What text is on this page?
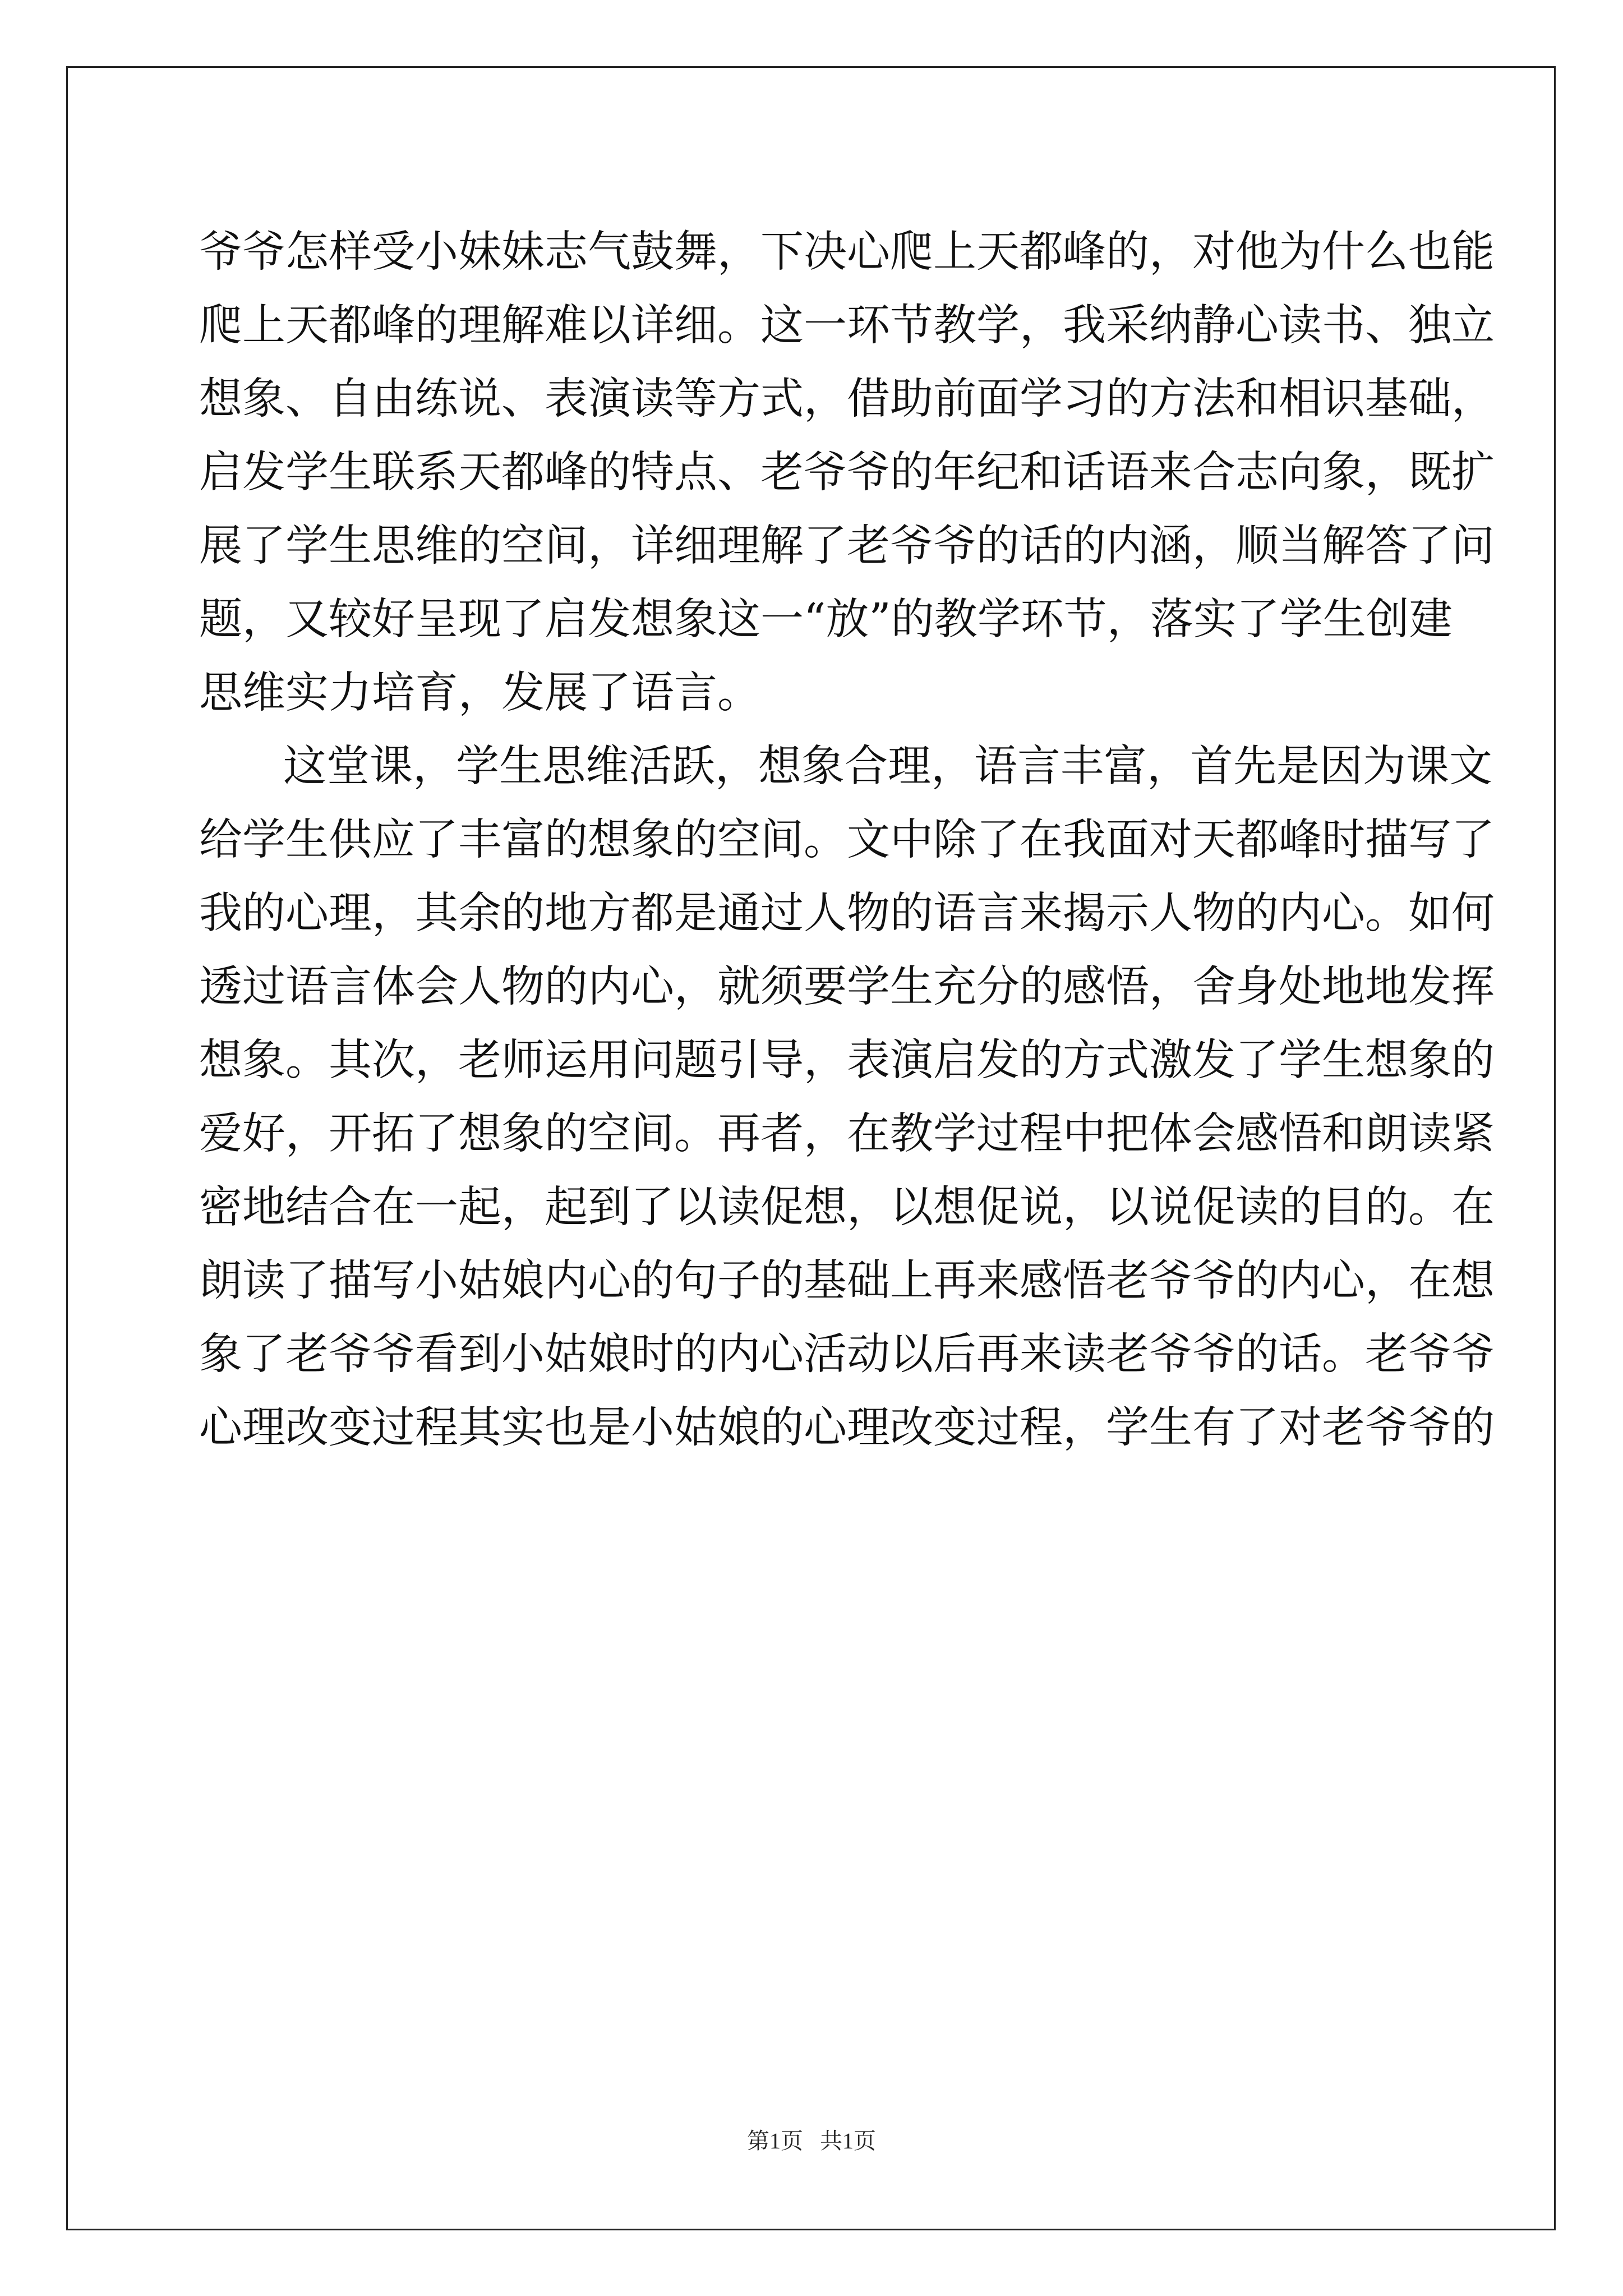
爷爷怎样受小妹妹志气鼓舞，下决心爬上天都峰的，对他为什么也能
爬上天都峰的理解难以详细。这一环节教学，我采纳静心读书、独立
想象、自由练说、表演读等方式，借助前面学习的方法和相识基础，
启发学生联系天都峰的特点、老爷爷的年纪和话语来合志向象，既扩
展了学生思维的空间，详细理解了老爷爷的话的内涵，顺当解答了问
题，又较好呈现了启发想象这一“放”的教学环节，落实了学生创建
思维实力培育，发展了语言。
这堂课，学生思维活跃，想象合理，语言丰富，首先是因为课文
给学生供应了丰富的想象的空间。文中除了在我面对天都峰时描写了
我的心理，其余的地方都是通过人物的语言来揭示人物的内心。如何
透过语言体会人物的内心，就须要学生充分的感悟，舍身处地地发挥
想象。其次，老师运用问题引导，表演启发的方式激发了学生想象的
爱好，开拓了想象的空间。再者，在教学过程中把体会感悟和朗读紧
密地结合在一起，起到了以读促想，以想促说，以说促读的目的。在
朗读了描写小姑娘内心的句子的基础上再来感悟老爷爷的内心，在想
象了老爷爷看到小姑娘时的内心活动以后再来读老爷爷的话。老爷爷
心理改变过程其实也是小姑娘的心理改变过程，学生有了对老爷爷的
第1页   共1页
